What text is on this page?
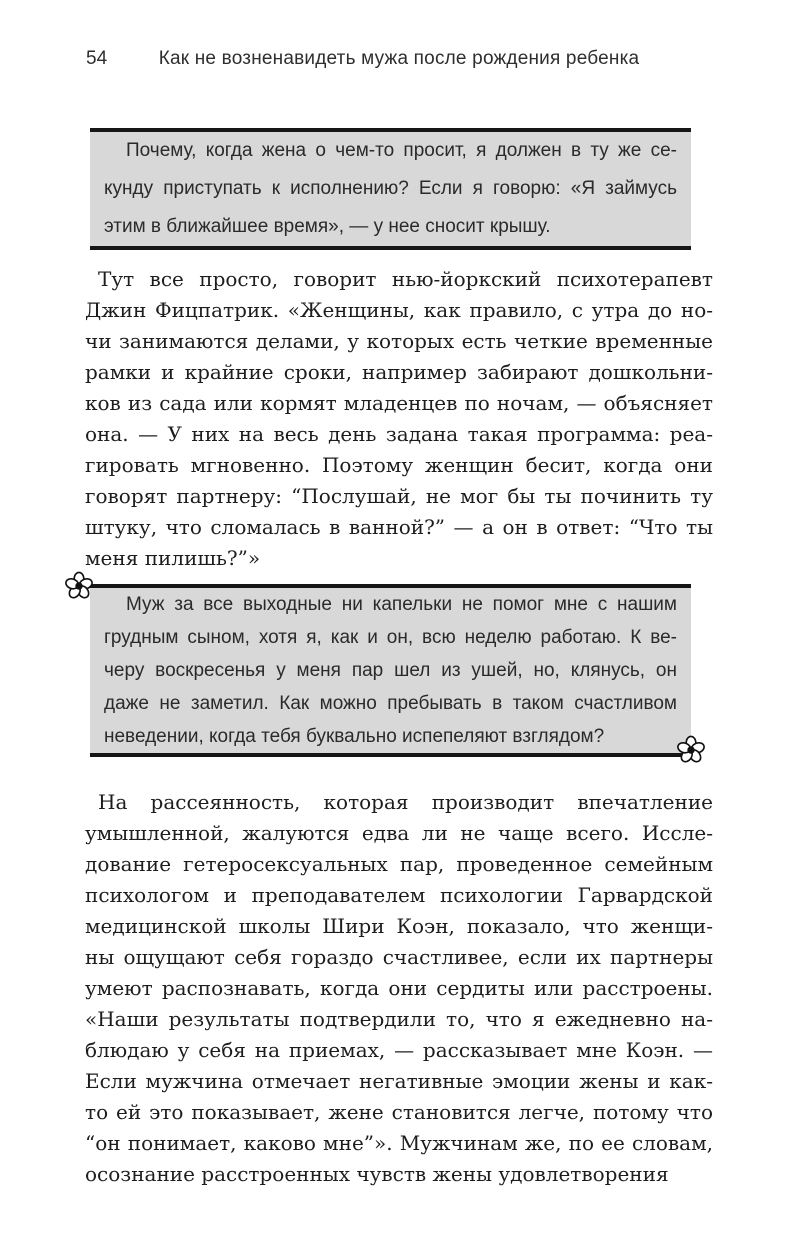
54	Как не возненавидеть мужа после рождения ребенка
Почему, когда жена о чем-то просит, я должен в ту же се-
кунду приступать к исполнению? Если я говорю: «Я займусь
этим в ближайшее время», — у нее сносит крышу.
Тут все просто, говорит нью-йоркский психотерапевт
Джин Фицпатрик. «Женщины, как правило, с утра до но-
чи занимаются делами, у которых есть четкие временные
рамки и крайние сроки, например забирают дошкольни-
ков из сада или кормят младенцев по ночам, — объясняет
она. — У них на весь день задана такая программа: реа-
гировать мгновенно. Поэтому женщин бесит, когда они
говорят партнеру: “Послушай, не мог бы ты починить ту
штуку, что сломалась в ванной?” — а он в ответ: “Что ты
меня пилишь?”»
Муж за все выходные ни капельки не помог мне с нашим
грудным сыном, хотя я, как и он, всю неделю работаю. К ве-
черу воскресенья у меня пар шел из ушей, но, клянусь, он
даже не заметил. Как можно пребывать в таком счастливом
неведении, когда тебя буквально испепеляют взглядом?
На рассеянность, которая производит впечатление
умышленной, жалуются едва ли не чаще всего. Иссле-
дование гетеросексуальных пар, проведенное семейным
психологом и преподавателем психологии Гарвардской
медицинской школы Шири Коэн, показало, что женщи-
ны ощущают себя гораздо счастливее, если их партнеры
умеют распознавать, когда они сердиты или расстроены.
«Наши результаты подтвердили то, что я ежедневно на-
блюдаю у себя на приемах, — рассказывает мне Коэн. —
Если мужчина отмечает негативные эмоции жены и как-
то ей это показывает, жене становится легче, потому что
“он понимает, каково мне”». Мужчинам же, по ее словам,
осознание расстроенных чувств жены удовлетворения
